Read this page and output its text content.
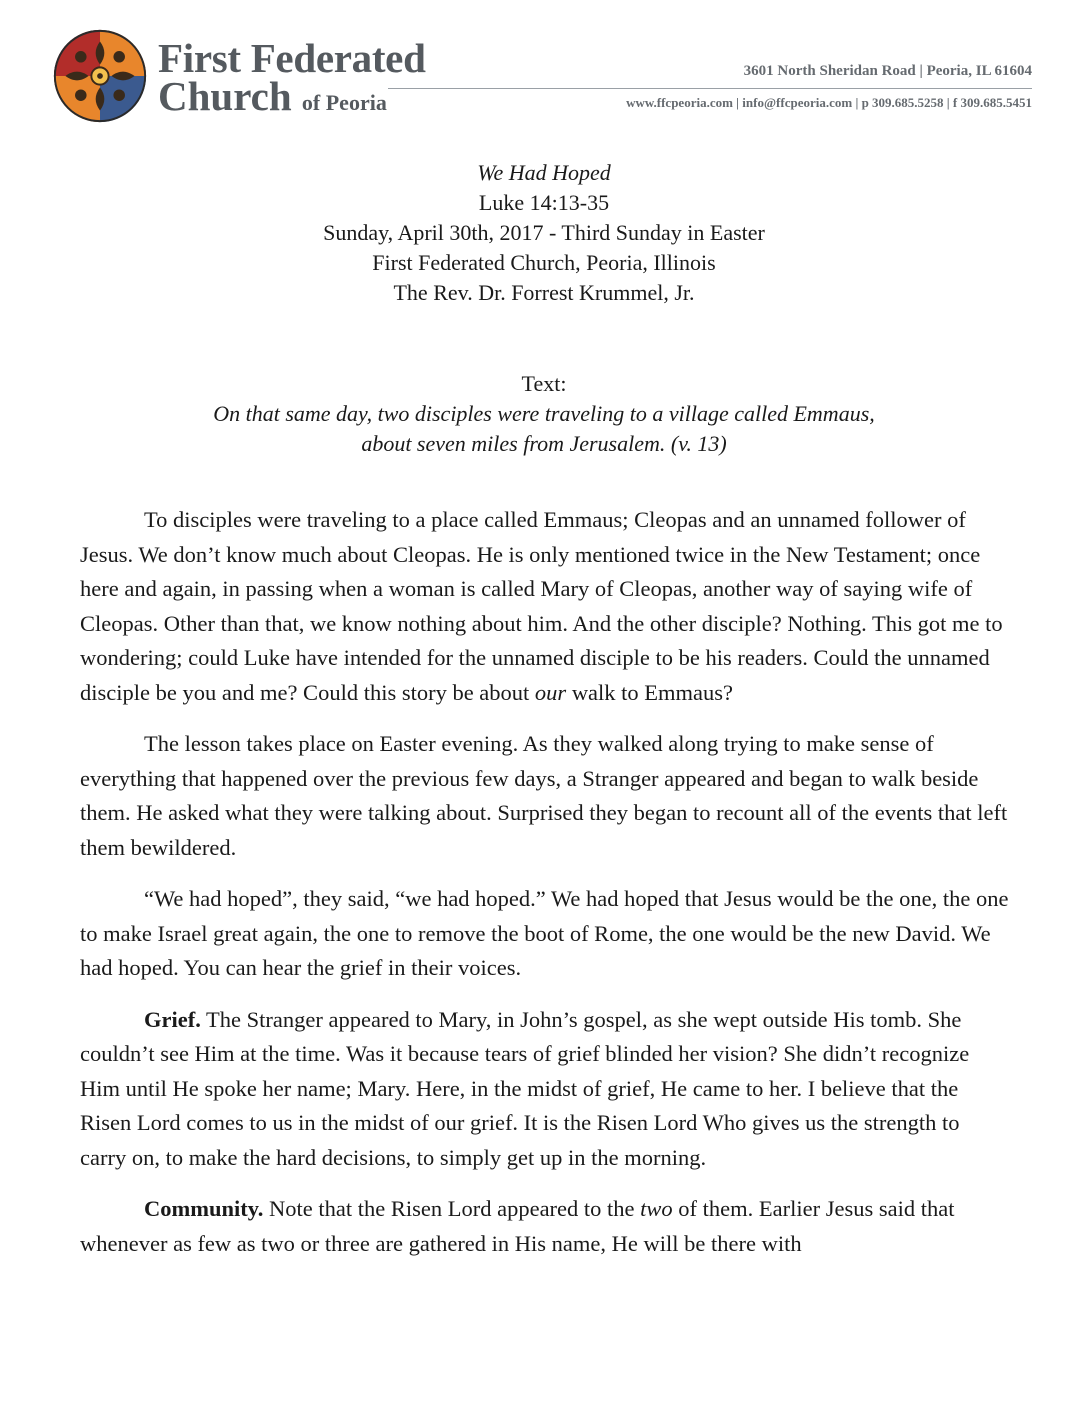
First Federated
Church of Peoria
3601 North Sheridan Road | Peoria, IL 61604
www.ffcpeoria.com | info@ffcpeoria.com | p 309.685.5258 | f 309.685.5451
We Had Hoped
Luke 14:13-35
Sunday, April 30th, 2017 - Third Sunday in Easter
First Federated Church, Peoria, Illinois
The Rev. Dr. Forrest Krummel, Jr.
Text:
On that same day, two disciples were traveling to a village called Emmaus,
about seven miles from Jerusalem. (v. 13)

To disciples were traveling to a place called Emmaus; Cleopas and an unnamed follower of Jesus. We don’t know much about Cleopas. He is only mentioned twice in the New Testament; once here and again, in passing when a woman is called Mary of Cleopas, another way of saying wife of Cleopas. Other than that, we know nothing about him. And the other disciple? Nothing. This got me to wondering; could Luke have intended for the unnamed disciple to be his readers. Could the unnamed disciple be you and me? Could this story be about our walk to Emmaus?

The lesson takes place on Easter evening. As they walked along trying to make sense of everything that happened over the previous few days, a Stranger appeared and began to walk beside them. He asked what they were talking about. Surprised they began to recount all of the events that left them bewildered.

“We had hoped”, they said, “we had hoped.” We had hoped that Jesus would be the one, the one to make Israel great again, the one to remove the boot of Rome, the one would be the new David. We had hoped. You can hear the grief in their voices.

Grief. The Stranger appeared to Mary, in John’s gospel, as she wept outside His tomb. She couldn’t see Him at the time. Was it because tears of grief blinded her vision? She didn’t recognize Him until He spoke her name; Mary. Here, in the midst of grief, He came to her. I believe that the Risen Lord comes to us in the midst of our grief. It is the Risen Lord Who gives us the strength to carry on, to make the hard decisions, to simply get up in the morning.

Community. Note that the Risen Lord appeared to the two of them. Earlier Jesus said that whenever as few as two or three are gathered in His name, He will be there with
